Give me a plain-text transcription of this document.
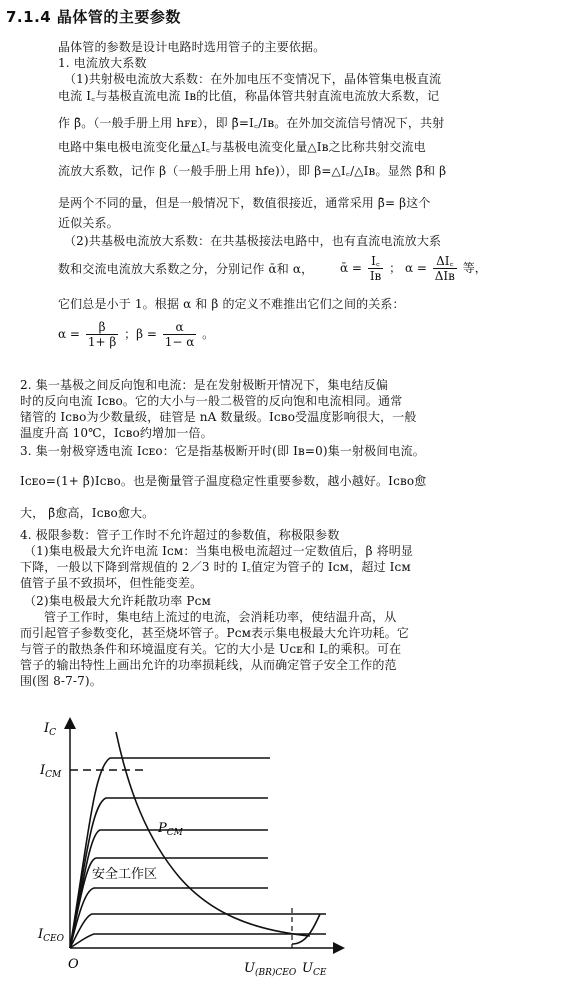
7.1.4 晶体管的主要参数
晶体管的参数是设计电路时选用管子的主要依据。
1. 电流放大系数
（1)共射极电流放大系数：在外加电压不变情况下，晶体管集电极直流
电流 I꜀与基极直流电流 Iʙ的比值，称晶体管共射直流电流放大系数，记
作 β̄。（一般手册上用 hꜰᴇ），即 β̄=I꜀/Iʙ。在外加交流信号情况下，共射
电路中集电极电流变化量△I꜀与基极电流变化量△Iʙ之比称共射交流电
流放大系数，记作 β（一般手册上用 hfe)），即 β=△I꜀/△Iʙ。显然 β̄和 β
是两个不同的量，但是一般情况下，数值很接近，通常采用 β̄= β这个
近似关系。
（2)共基极电流放大系数：在共基极接法电路中，也有直流电流放大系
数和交流电流放大系数之分，分别记作 ᾱ和 α， ᾱ = $\frac{I꜀}{\text{Iʙ}}$ ； $\alpha = \frac{\Delta I꜀}{\text{ΔIʙ}}$ 等，
它们总是小于 1。根据 α 和 β 的定义不难推出它们之间的关系：
$\alpha = \frac{\beta}{1+ \beta}$ ；$\beta = \frac{\alpha}{1- \alpha}$ 。
2. 集一基极之间反向饱和电流：是在发射极断开情况下，集电结反偏
时的反向电流 Iᴄʙᴏ。它的大小与一般二极管的反向饱和电流相同。通常
锗管的 Iᴄʙᴏ为少数量级，硅管是 nA 数量级。Iᴄʙᴏ受温度影响很大，一般
温度升高 10℃，Iᴄʙᴏ约增加一倍。
3. 集一射极穿透电流 Iᴄᴇᴏ：它是指基极断开时(即 Iʙ=0)集一射极间电流。
Iᴄᴇᴏ=(1+ β̄)Iᴄʙᴏ。也是衡量管子温度稳定性重要参数，越小越好。Iᴄʙᴏ愈
大， β̄愈高，Iᴄʙᴏ愈大。
4. 极限参数：管子工作时不允许超过的参数值，称极限参数
（1)集电极最大允许电流 Iᴄᴍ：当集电极电流超过一定数值后，β 将明显
下降，一般以下降到常规值的 2／3 时的 I꜀值定为管子的 Iᴄᴍ，超过 Iᴄᴍ
值管子虽不致损坏，但性能变差。
（2)集电极最大允许耗散功率 Pᴄᴍ
管子工作时，集电结上流过的电流，会消耗功率，使结温升高，从
而引起管子参数变化，甚至烧坏管子。Pᴄᴍ表示集电极最大允许功耗。它
与管子的散热条件和环境温度有关。它的大小是 Uᴄᴇ和 I꜀的乘积。可在
管子的输出特性上画出允许的功率损耗线，从而确定管子安全工作的范
围(图 8-7-7)。
$I_C$
$I_{CM}$
$I_{CEO}$
O
$P_{CM}$
安全工作区
$U_{(BR)CEO}$ $U_{CE}$
